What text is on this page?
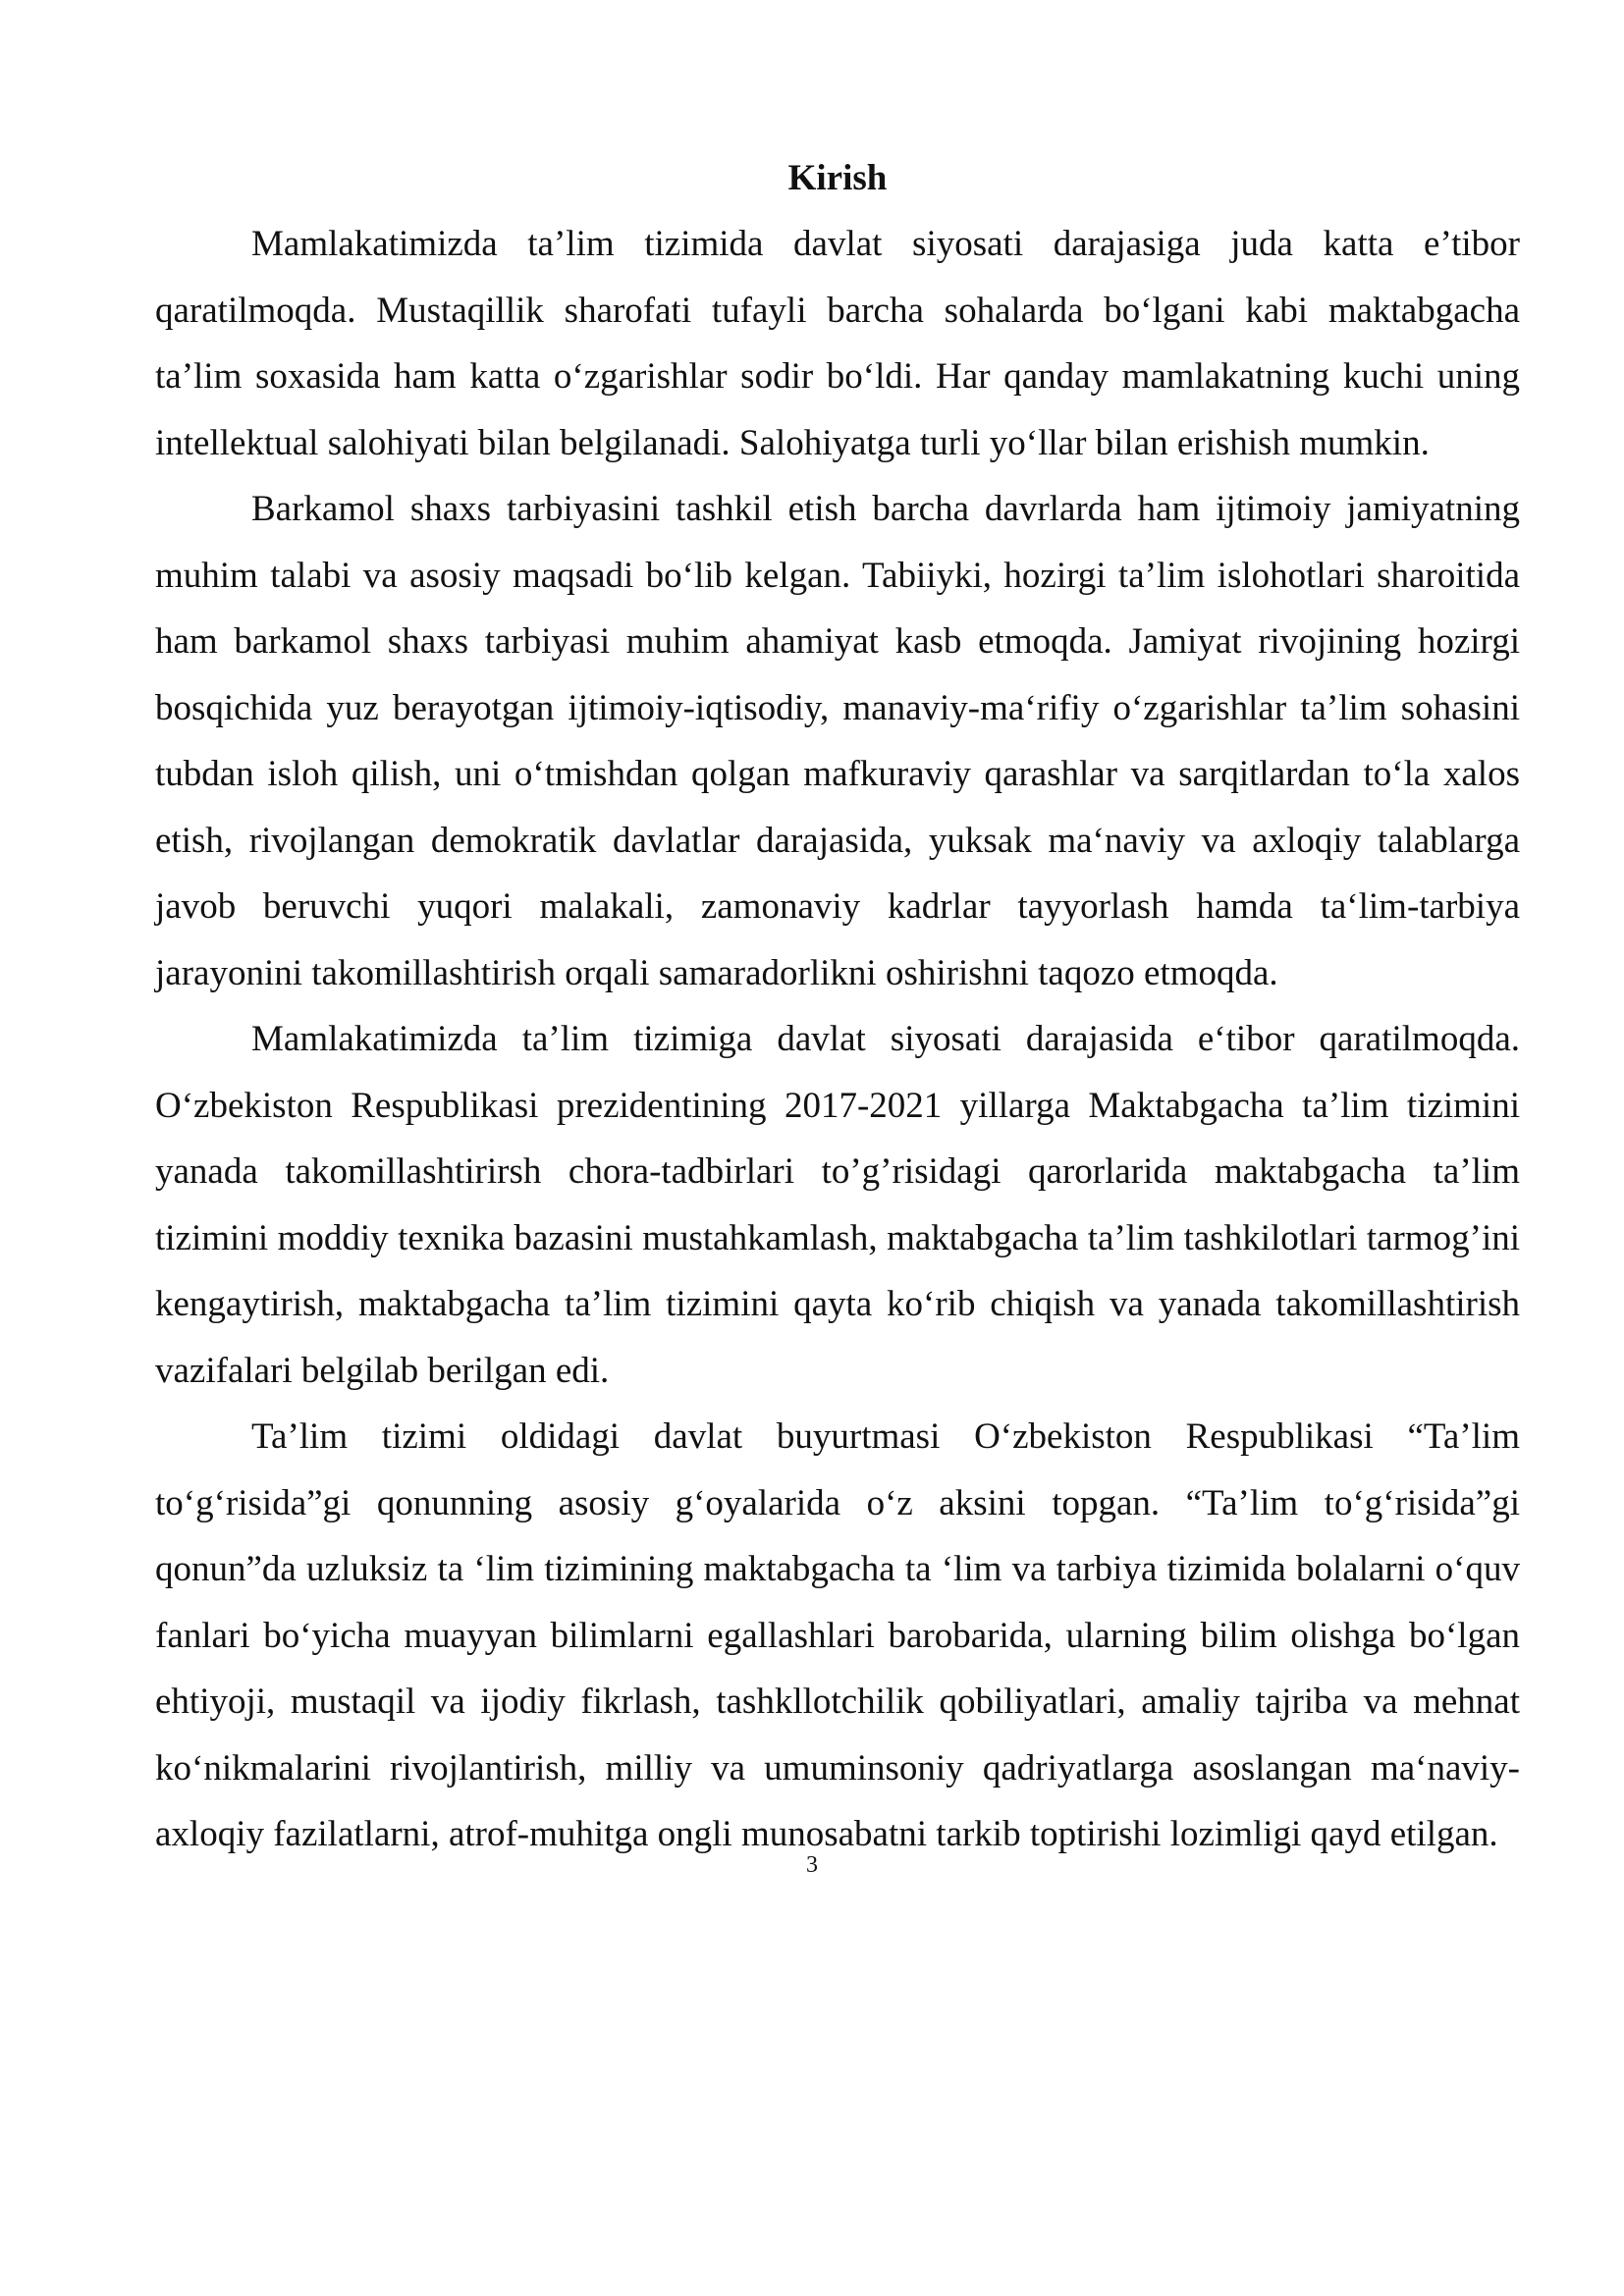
Kirish

Mamlakatimizda ta’lim tizimida davlat siyosati darajasiga juda katta e’tibor qaratilmoqda. Mustaqillik sharofati tufayli barcha sohalarda bo‘lgani kabi maktabgacha ta’lim soxasida ham katta o‘zgarishlar sodir bo‘ldi. Har qanday mamlakatning kuchi uning intellektual salohiyati bilan belgilanadi. Salohiyatga turli yo‘llar bilan erishish mumkin.

Barkamol shaxs tarbiyasini tashkil etish barcha davrlarda ham ijtimoiy jamiyatning muhim talabi va asosiy maqsadi bo‘lib kelgan. Tabiiyki, hozirgi ta’lim islohotlari sharoitida ham barkamol shaxs tarbiyasi muhim ahamiyat kasb etmoqda. Jamiyat rivojining hozirgi bosqichida yuz berayotgan ijtimoiy-iqtisodiy, manaviy-ma‘rifiy o‘zgarishlar ta’lim sohasini tubdan isloh qilish, uni o‘tmishdan qolgan mafkuraviy qarashlar va sarqitlardan to‘la xalos etish, rivojlangan demokratik davlatlar darajasida, yuksak ma‘naviy va axloqiy talablarga javob beruvchi yuqori malakali, zamonaviy kadrlar tayyorlash hamda ta‘lim-tarbiya jarayonini takomillashtirish orqali samaradorlikni oshirishni taqozo etmoqda.

Mamlakatimizda ta’lim tizimiga davlat siyosati darajasida e‘tibor qaratilmoqda. O‘zbekiston Respublikasi prezidentining 2017-2021 yillarga Maktabgacha ta’lim tizimini yanada takomillashtirirsh chora-tadbirlari to’g’risidagi qarorlarida maktabgacha ta’lim tizimini moddiy texnika bazasini mustahkamlash, maktabgacha ta’lim tashkilotlari tarmog’ini kengaytirish, maktabgacha ta’lim tizimini qayta ko‘rib chiqish va yanada takomillashtirish vazifalari belgilab berilgan edi.

Ta’lim tizimi oldidagi davlat buyurtmasi O‘zbekiston Respublikasi “Ta’lim to‘g‘risida”gi qonunning asosiy g‘oyalarida o‘z aksini topgan. “Ta’lim to‘g‘risida”gi qonun”da uzluksiz ta ‘lim tizimining maktabgacha ta ‘lim va tarbiya tizimida bolalarni o‘quv fanlari bo‘yicha muayyan bilimlarni egallashlari barobarida, ularning bilim olishga bo‘lgan ehtiyoji, mustaqil va ijodiy fikrlash, tashkllotchilik qobiliyatlari, amaliy tajriba va mehnat ko‘nikmalarini rivojlantirish, milliy va umuminsoniy qadriyatlarga asoslangan ma‘naviy-axloqiy fazilatlarni, atrof-muhitga ongli munosabatni tarkib toptirishi lozimligi qayd etilgan.

3
